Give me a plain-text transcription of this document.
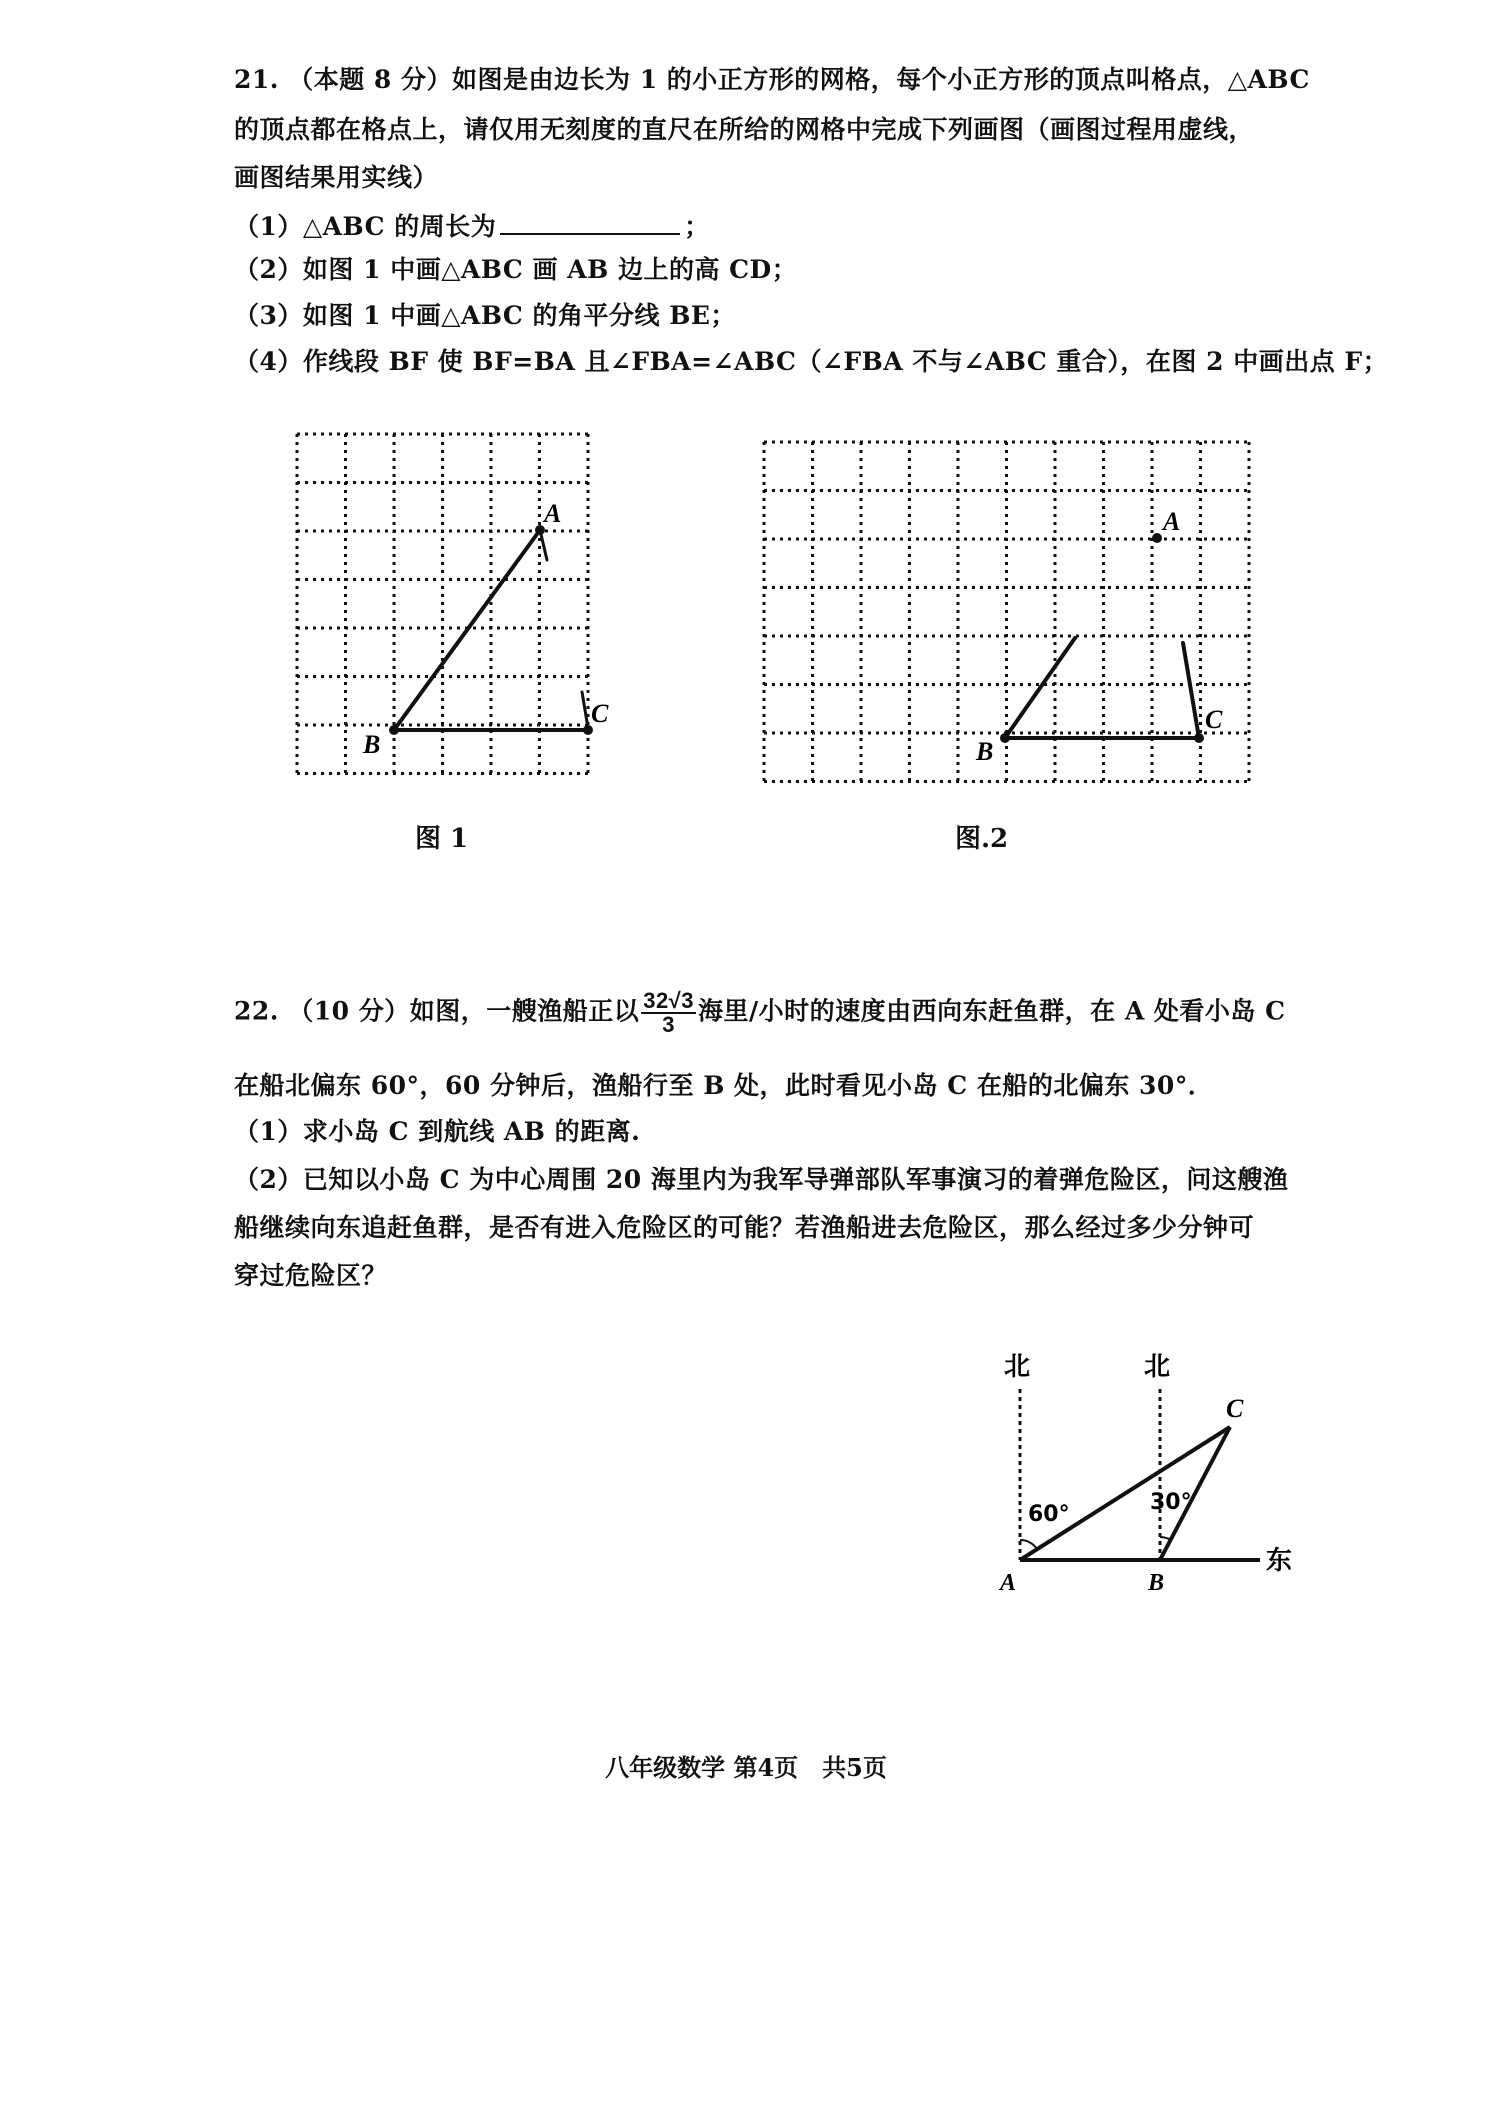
21. （本题 8 分）如图是由边长为 1 的小正方形的网格，每个小正方形的顶点叫格点，△ABC
的顶点都在格点上，请仅用无刻度的直尺在所给的网格中完成下列画图（画图过程用虚线，
画图结果用实线）
（1）△ABC 的周长为	；
（2）如图 1 中画△ABC 画 AB 边上的高 CD；
（3）如图 1 中画△ABC 的角平分线 BE；
（4）作线段 BF 使 BF=BA 且∠FBA=∠ABC（∠FBA 不与∠ABC 重合），在图 2 中画出点 F；
A
B
C
图 1
A
B
C
图.2
22. （10 分）如图，一艘渔船正以 $\frac{32√3}{3}$ 海里/小时的速度由西向东赶鱼群，在 A 处看小岛 C
在船北偏东 60°，60 分钟后，渔船行至 B 处，此时看见小岛 C 在船的北偏东 30°．
（1）求小岛 C 到航线 AB 的距离.
（2）已知以小岛 C 为中心周围 20 海里内为我军导弹部队军事演习的着弹危险区，问这艘渔
船继续向东追赶鱼群，是否有进入危险区的可能？若渔船进去危险区，那么经过多少分钟可
穿过危险区？
北	北
东
60°	30°
A	B
C
八年级数学 第4页　共5页
